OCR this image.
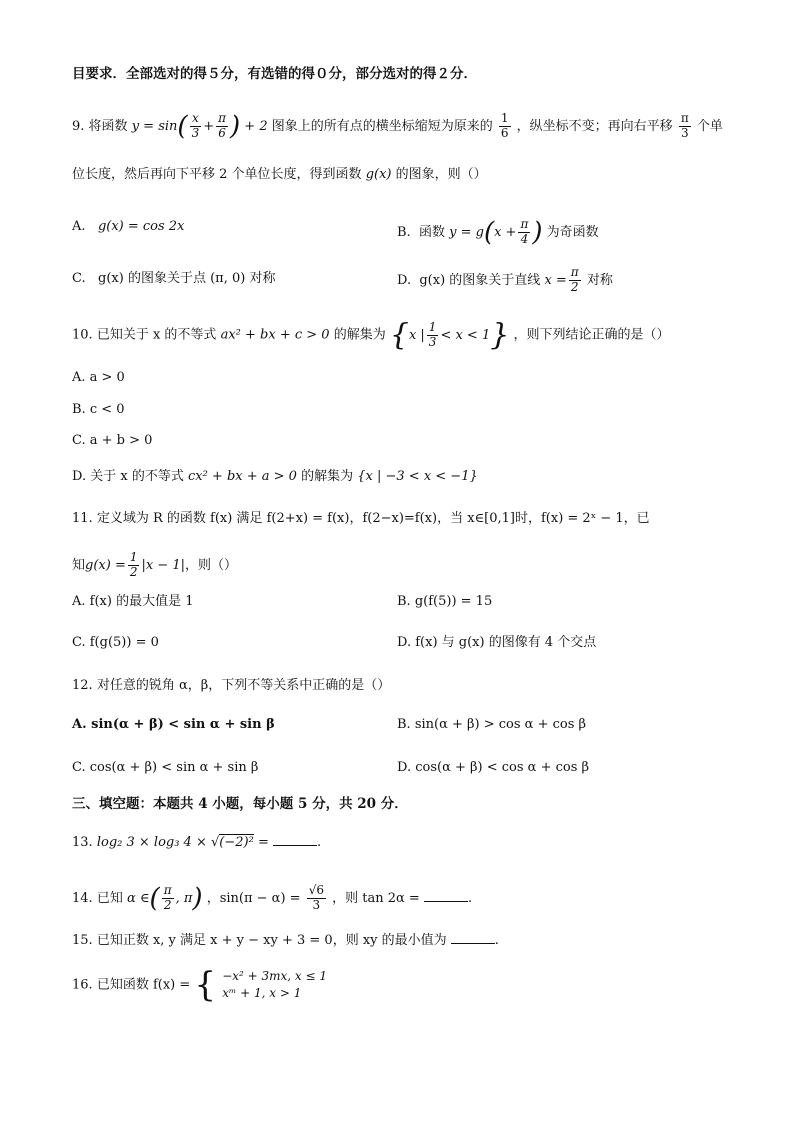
目要求．全部选对的得５分，有选错的得０分，部分选对的得２分．
9. 将函数 $y = \sin( \frac{x}{3} + \frac{\pi}{6}$ ) + 2 图象上的所有点的横坐标缩短为原来的 $\frac{1}{6}$ ，纵坐标不变；再向右平移 $\frac{\pi}{3}$ 个单
位长度，然后再向下平移 2 个单位长度，得到函数 g(x) 的图象，则（）
A. g(x) = cos 2x	B. 函数 $y = g(x + \frac{\pi}{4}$ ) 为奇函数
C. g(x) 的图象关于点 (π, 0) 对称	D. g(x) 的图象关于直线 $x = \frac{\pi}{2}$ 对称
10. 已知关于 x 的不等式 ax² + bx + c > 0 的解集为 {x | $\frac{1}{3} < x < 1$} ，则下列结论正确的是（）
A. a > 0
B. c < 0
C. a + b > 0
D. 关于 x 的不等式 cx² + bx + a > 0 的解集为 {x | −3 < x < −1}
11. 定义域为 R 的函数 f(x) 满足 f(2+x) = f(x)，f(2−x)=f(x)，当 x∈[0,1]时，f(x) = 2ˣ − 1，已
知$g(x) = \frac{1}{2} |x - 1|$，则（）
A. f(x) 的最大值是 1	B. g(f(5)) = 15
C. f(g(5)) = 0	D. f(x) 与 g(x) 的图像有 4 个交点
12. 对任意的锐角 α，β，下列不等关系中正确的是（）
A. sin(α + β) < sin α + sin β	B. sin(α + β) > cos α + cos β
C. cos(α + β) < sin α + sin β	D. cos(α + β) < cos α + cos β
三、填空题：本题共 4 小题，每小题 5 分，共 20 分．
13. log₂ 3 × log₃ 4 × √(−2)² =	.
14. 已知 α ∈( $\frac{\pi}{2}$ , π) ，$\sin(\pi - \alpha) = \frac{√6}{3}$ ，则 tan 2α =	.
15. 已知正数 x, y 满足 x + y − xy + 3 = 0，则 xy 的最小值为	.
16. 已知函数 f(x) = { −x² + 3mx, x ≤ 1
xᵐ + 1, x > 1
